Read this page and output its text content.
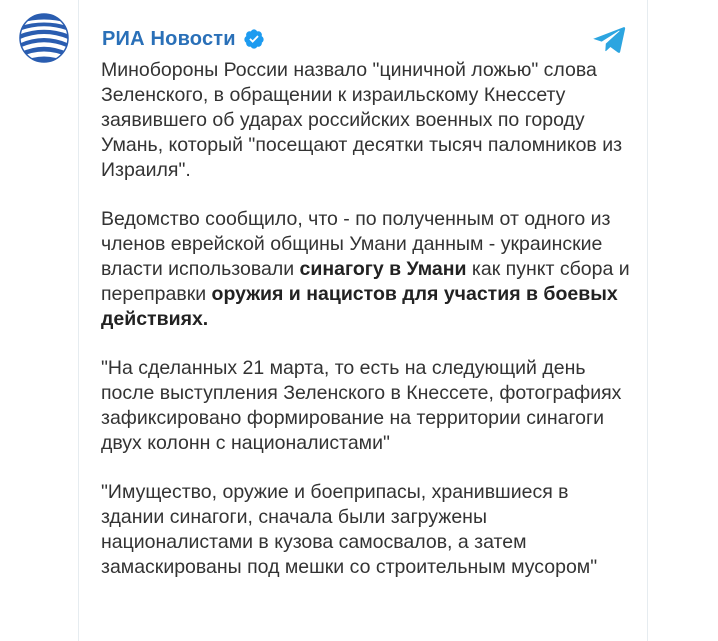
РИА Новости

Минобороны России назвало "циничной ложью" слова Зеленского, в обращении к израильскому Кнессету заявившего об ударах российских военных по городу Умань, который "посещают десятки тысяч паломников из Израиля".

Ведомство сообщило, что - по полученным от одного из членов еврейской общины Умани данным - украинские власти использовали синагогу в Умани как пункт сбора и переправки оружия и нацистов для участия в боевых действиях.

"На сделанных 21 марта, то есть на следующий день после выступления Зеленского в Кнессете, фотографиях зафиксировано формирование на территории синагоги двух колонн с националистами"

"Имущество, оружие и боеприпасы, хранившиеся в здании синагоги, сначала были загружены националистами в кузова самосвалов, а затем замаскированы под мешки со строительным мусором"
